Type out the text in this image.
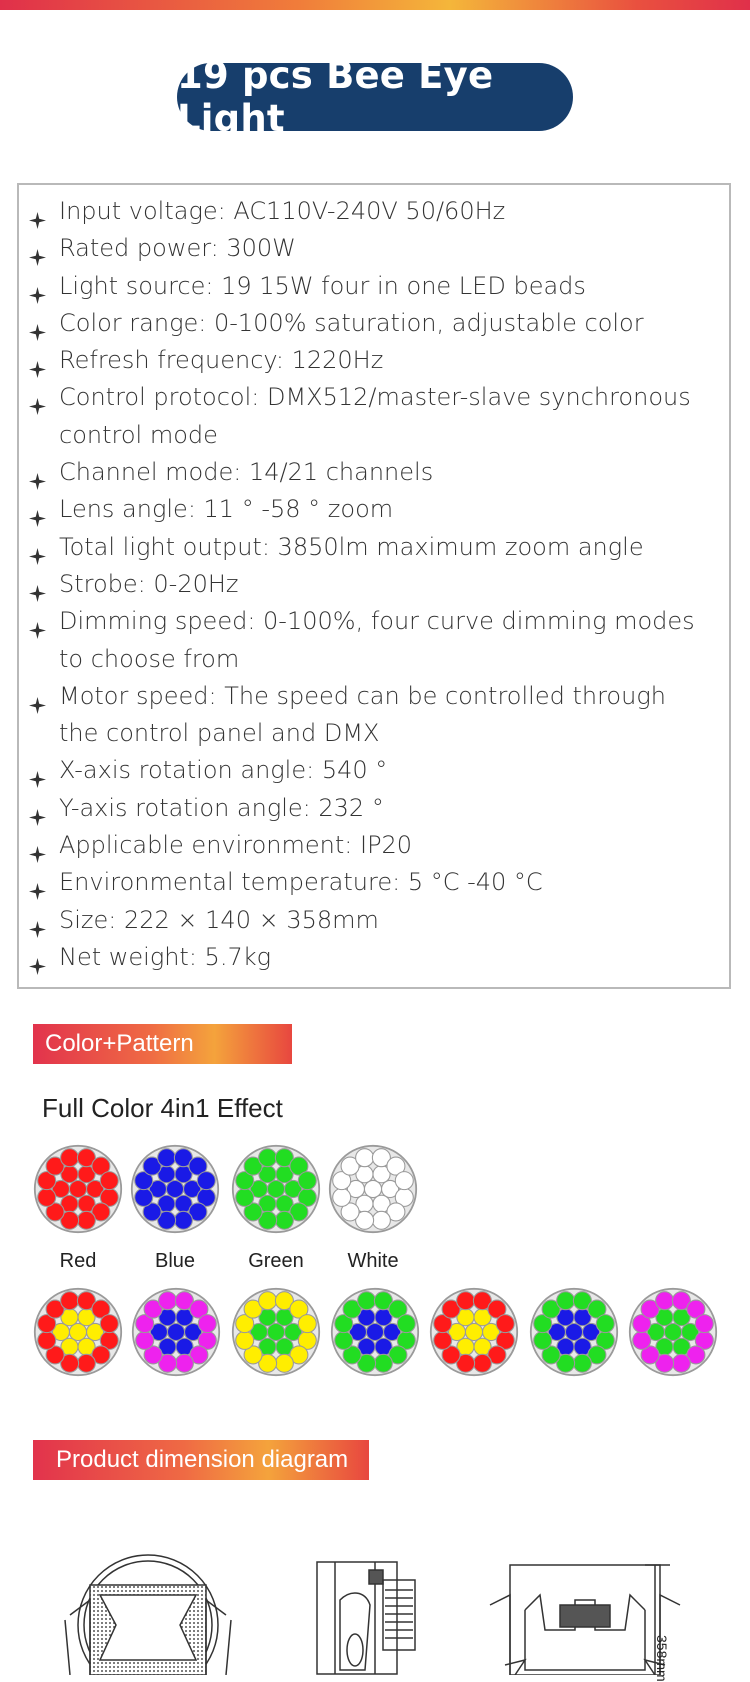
19 pcs Bee Eye Light
Input voltage: AC110V-240V 50/60Hz
Rated power: 300W
Light source: 19 15W four in one LED beads
Color range: 0-100% saturation, adjustable color
Refresh frequency: 1220Hz
Control protocol: DMX512/master-slave synchronous control mode
Channel mode: 14/21 channels
Lens angle: 11 ° -58 ° zoom
Total light output: 3850lm maximum zoom angle
Strobe: 0-20Hz
Dimming speed: 0-100%, four curve dimming modes to choose from
Motor speed: The speed can be controlled through the control panel and DMX
X-axis rotation angle: 540 °
Y-axis rotation angle: 232 °
Applicable environment: IP20
Environmental temperature: 5 °C -40 °C
Size: 222 × 140 × 358mm
Net weight: 5.7kg
Color+Pattern
Full Color 4in1 Effect
Red	Blue	Green	White
Product dimension diagram
358mm
